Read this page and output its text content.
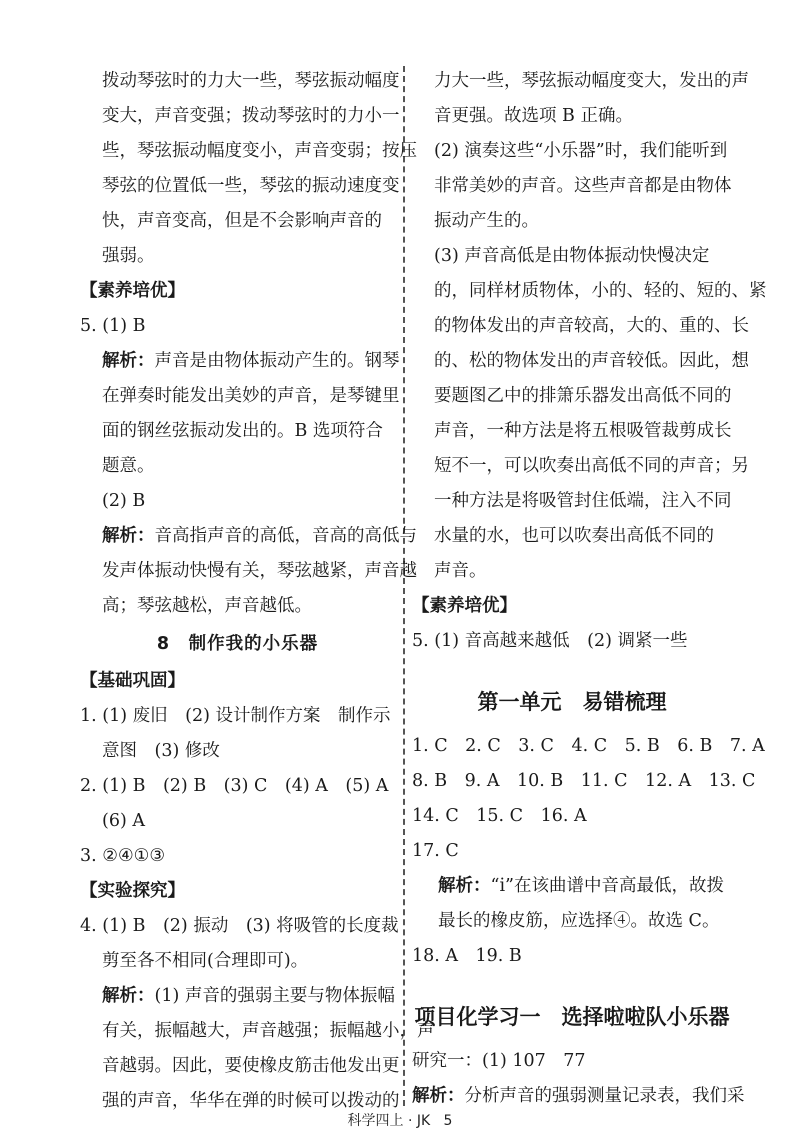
拨动琴弦时的力大一些，琴弦振动幅度
变大，声音变强；拨动琴弦时的力小一
些，琴弦振动幅度变小，声音变弱；按压
琴弦的位置低一些，琴弦的振动速度变
快，声音变高，但是不会影响声音的
强弱。
【素养培优】
5. (1) B
解析：声音是由物体振动产生的。钢琴
在弹奏时能发出美妙的声音，是琴键里
面的钢丝弦振动发出的。B 选项符合
题意。
(2) B
解析：音高指声音的高低，音高的高低与
发声体振动快慢有关，琴弦越紧，声音越
高；琴弦越松，声音越低。
8　制作我的小乐器
【基础巩固】
1. (1) 废旧　(2) 设计制作方案　制作示
意图　(3) 修改
2. (1) B　(2) B　(3) C　(4) A　(5) A
(6) A
3. ②④①③
【实验探究】
4. (1) B　(2) 振动　(3) 将吸管的长度裁
剪至各不相同(合理即可)。
解析：(1) 声音的强弱主要与物体振幅
有关，振幅越大，声音越强；振幅越小，声
音越弱。因此，要使橡皮筋击他发出更
强的声音，华华在弹的时候可以拨动的
力大一些，琴弦振动幅度变大，发出的声
音更强。故选项 B 正确。
(2) 演奏这些“小乐器”时，我们能听到
非常美妙的声音。这些声音都是由物体
振动产生的。
(3) 声音高低是由物体振动快慢决定
的，同样材质物体，小的、轻的、短的、紧
的物体发出的声音较高，大的、重的、长
的、松的物体发出的声音较低。因此，想
要题图乙中的排箫乐器发出高低不同的
声音，一种方法是将五根吸管裁剪成长
短不一，可以吹奏出高低不同的声音；另
一种方法是将吸管封住低端，注入不同
水量的水，也可以吹奏出高低不同的
声音。
【素养培优】
5. (1) 音高越来越低　(2) 调紧一些
第一单元　易错梳理
1. C　2. C　3. C　4. C　5. B　6. B　7. A
8. B　9. A　10. B　11. C　12. A　13. C
14. C　15. C　16. A
17. C
解析：“i̇”在该曲谱中音高最低，故拨
最长的橡皮筋，应选择④。故选 C。
18. A　19. B
项目化学习一　选择啦啦队小乐器
研究一：(1) 107　77
解析：分析声音的强弱测量记录表，我们采
科学四上 · JK 5
